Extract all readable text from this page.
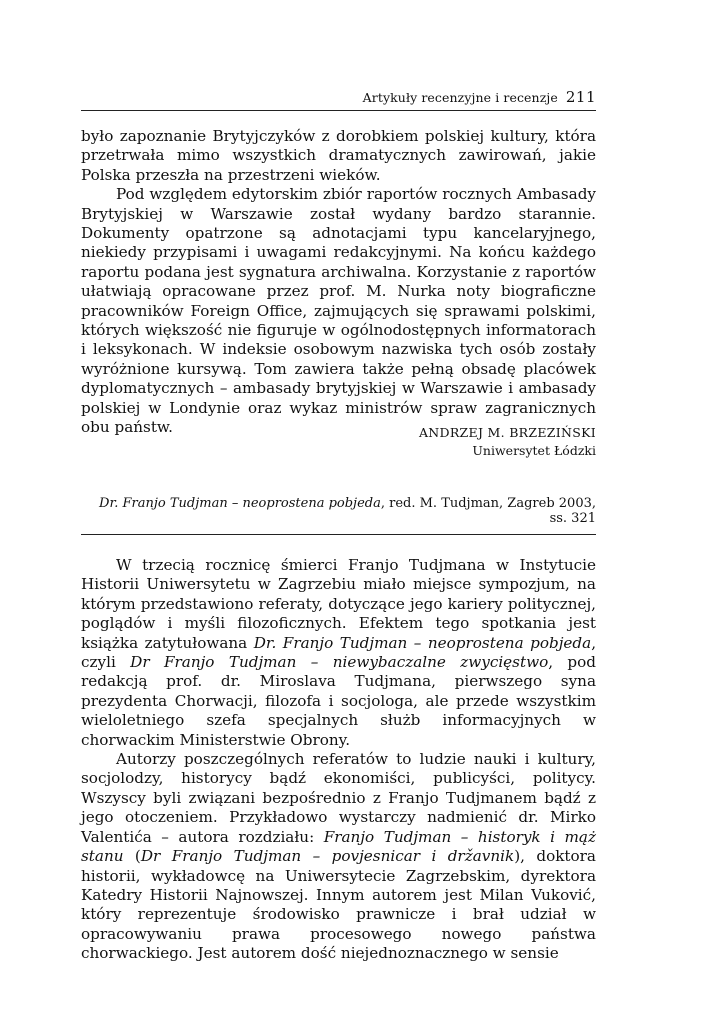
Artykuły recenzyjne i recenzje 211

było zapoznanie Brytyjczyków z dorobkiem polskiej kultury, która przetrwała mimo wszystkich dramatycznych zawirowań, jakie Polska przeszła na przestrzeni wieków.

Pod względem edytorskim zbiór raportów rocznych Ambasady Brytyjskiej w Warszawie został wydany bardzo starannie. Dokumenty opatrzone są adnotacjami typu kancelaryjnego, niekiedy przypisami i uwagami redakcyjnymi. Na końcu każdego raportu podana jest sygnatura archiwalna. Korzystanie z raportów ułatwiają opracowane przez prof. M. Nurka noty biograficzne pracowników Foreign Office, zajmujących się sprawami polskimi, których większość nie figuruje w ogólnodostępnych informatorach i leksykonach. W indeksie osobowym nazwiska tych osób zostały wyróżnione kursywą. Tom zawiera także pełną obsadę placówek dyplomatycznych – ambasady brytyjskiej w Warszawie i ambasady polskiej w Londynie oraz wykaz ministrów spraw zagranicznych obu państw.	ANDRZEJ M. BRZEZIŃSKI
Uniwersytet Łódzki
Dr. Franjo Tudjman – neoprostena pobjeda, red. M. Tudjman, Zagreb 2003, ss. 321

W trzecią rocznicę śmierci Franjo Tudjmana w Instytucie Historii Uniwersytetu w Zagrzebiu miało miejsce sympozjum, na którym przedstawiono referaty, dotyczące jego kariery politycznej, poglądów i myśli filozoficznych. Efektem tego spotkania jest książka zatytułowana Dr. Franjo Tudjman – neoprostena pobjeda, czyli Dr Franjo Tudjman – niewybaczalne zwycięstwo, pod redakcją prof. dr. Miroslava Tudjmana, pierwszego syna prezydenta Chorwacji, filozofa i socjologa, ale przede wszystkim wieloletniego szefa specjalnych służb informacyjnych w chorwackim Ministerstwie Obrony.

Autorzy poszczególnych referatów to ludzie nauki i kultury, socjolodzy, historycy bądź ekonomiści, publicyści, politycy. Wszyscy byli związani bezpośrednio z Franjo Tudjmanem bądź z jego otoczeniem. Przykładowo wystarczy nadmienić dr. Mirko Valentića – autora rozdziału: Franjo Tudjman – historyk i mąż stanu (Dr Franjo Tudjman – povjesnicar i državnik), doktora historii, wykładowcę na Uniwersytecie Zagrzebskim, dyrektora Katedry Historii Najnowszej. Innym autorem jest Milan Vuković, który reprezentuje środowisko prawnicze i brał udział w opracowywaniu prawa procesowego nowego państwa chorwackiego. Jest autorem dość niejednoznacznego w sensie
